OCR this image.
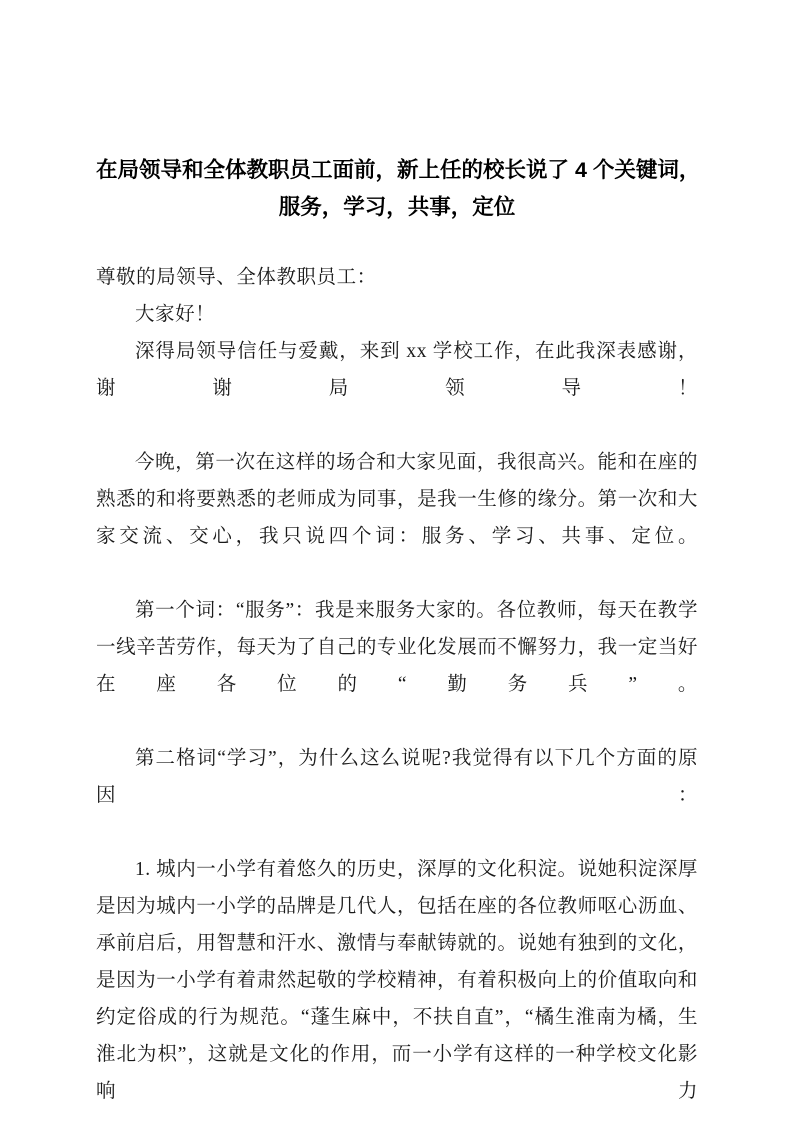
在局领导和全体教职员工面前，新上任的校长说了 4 个关键词，
服务，学习，共事，定位

尊敬的局领导、全体教职员工：

大家好！

深得局领导信任与爱戴，来到 xx 学校工作，在此我深表感谢，谢谢局领导！

今晚，第一次在这样的场合和大家见面，我很高兴。能和在座的熟悉的和将要熟悉的老师成为同事，是我一生修的缘分。第一次和大家交流、交心，我只说四个词：服务、学习、共事、定位。

第一个词：“服务”：我是来服务大家的。各位教师，每天在教学一线辛苦劳作，每天为了自己的专业化发展而不懈努力，我一定当好在座各位的“勤务兵”。

第二格词“学习”，为什么这么说呢?我觉得有以下几个方面的原因：

1. 城内一小学有着悠久的历史，深厚的文化积淀。说她积淀深厚是因为城内一小学的品牌是几代人，包括在座的各位教师呕心沥血、承前启后，用智慧和汗水、激情与奉献铸就的。说她有独到的文化，是因为一小学有着肃然起敬的学校精神，有着积极向上的价值取向和约定俗成的行为规范。“蓬生麻中，不扶自直”，“橘生淮南为橘，生淮北为枳”，这就是文化的作用，而一小学有这样的一种学校文化影响力
